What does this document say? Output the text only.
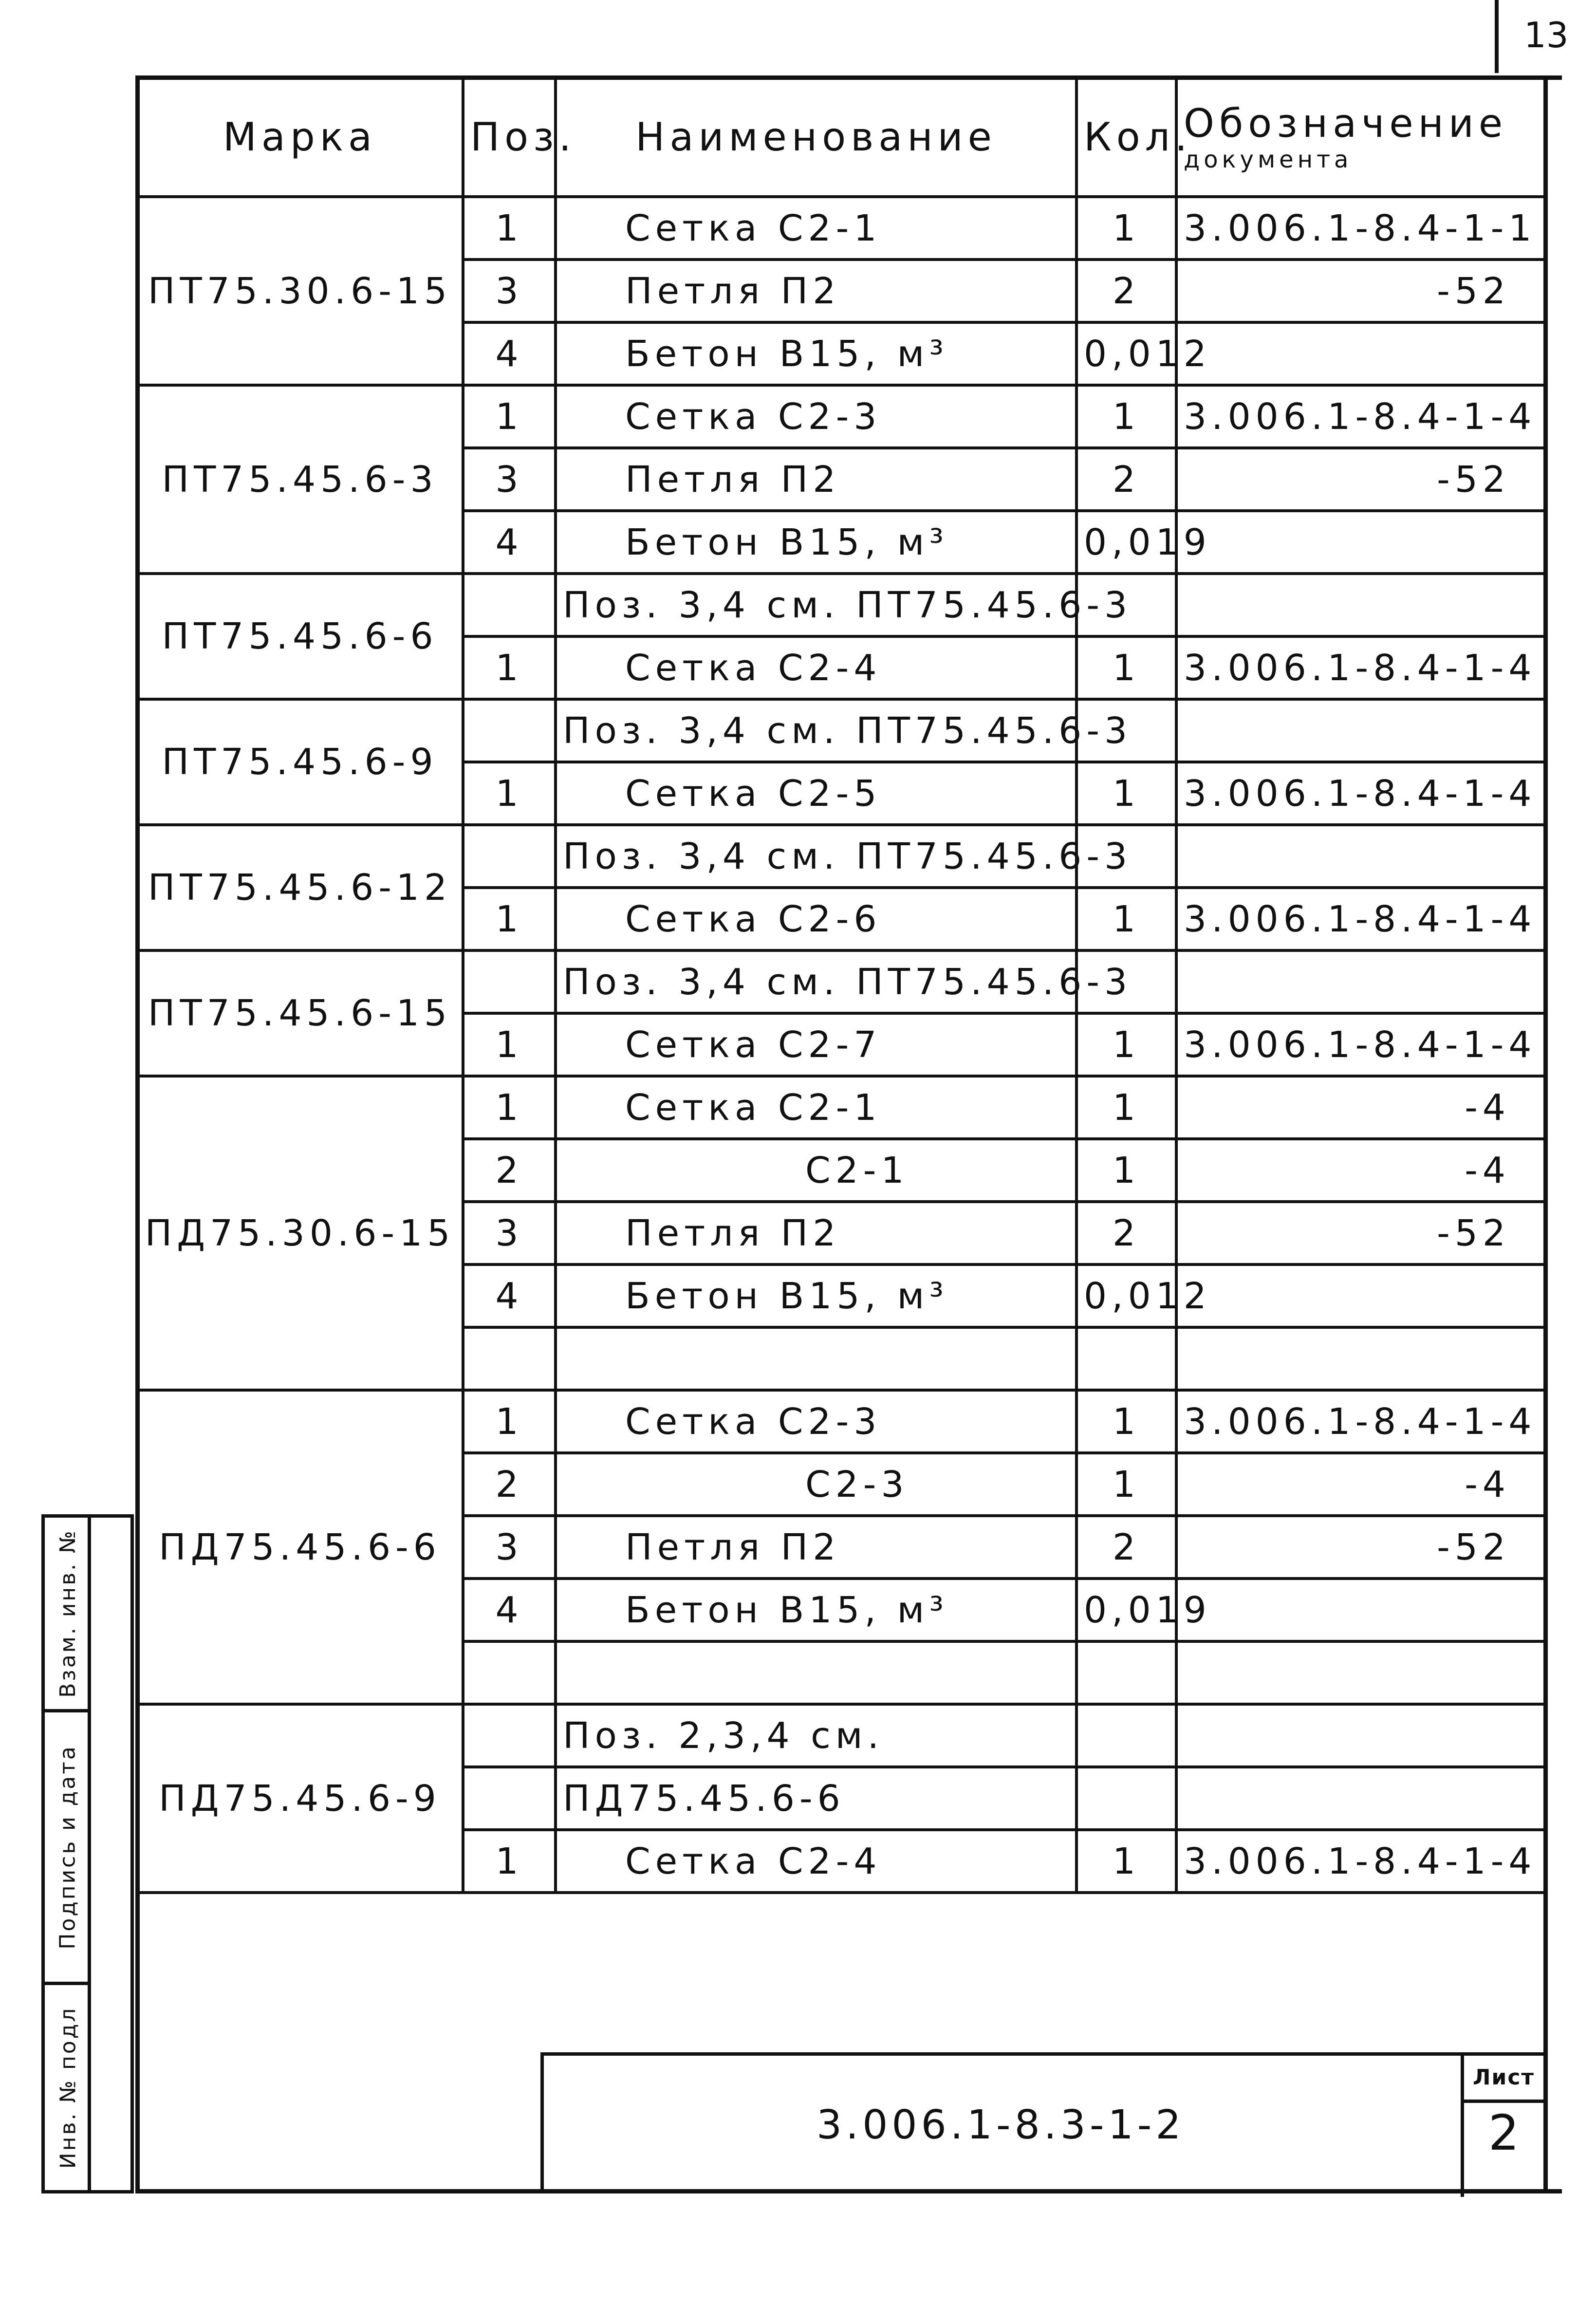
13
Марка	Поз.	Наименование	Кол.	Обозначение
документа

ПТ75.30.6-15	1	Сетка С2-1	1	3.006.1-8.4-1-1
	3	Петля П2	2	-52
	4	Бетон В15, м³	0,012	
ПТ75.45.6-3	1	Сетка С2-3	1	3.006.1-8.4-1-4
	3	Петля П2	2	-52
	4	Бетон В15, м³	0,019	
ПТ75.45.6-6		Поз. 3,4 см. ПТ75.45.6-3		
	1	Сетка С2-4	1	3.006.1-8.4-1-4
ПТ75.45.6-9		Поз. 3,4 см. ПТ75.45.6-3		
	1	Сетка С2-5	1	3.006.1-8.4-1-4
ПТ75.45.6-12		Поз. 3,4 см. ПТ75.45.6-3		
	1	Сетка С2-6	1	3.006.1-8.4-1-4
ПТ75.45.6-15		Поз. 3,4 см. ПТ75.45.6-3		
	1	Сетка С2-7	1	3.006.1-8.4-1-4
ПД75.30.6-15	1	Сетка С2-1	1	-4
	2	С2-1	1	-4
	3	Петля П2	2	-52
	4	Бетон В15, м³	0,012	

ПД75.45.6-6	1	Сетка С2-3	1	3.006.1-8.4-1-4
	2	С2-3	1	-4
	3	Петля П2	2	-52
	4	Бетон В15, м³	0,019	

ПД75.45.6-9		Поз. 2,3,4 см.		
		ПД75.45.6-6		
	1	Сетка С2-4	1	3.006.1-8.4-1-4
Взам. инв. №
Подпись и дата
Инв. № подл	3.006.1-8.3-1-2
Лист
2
